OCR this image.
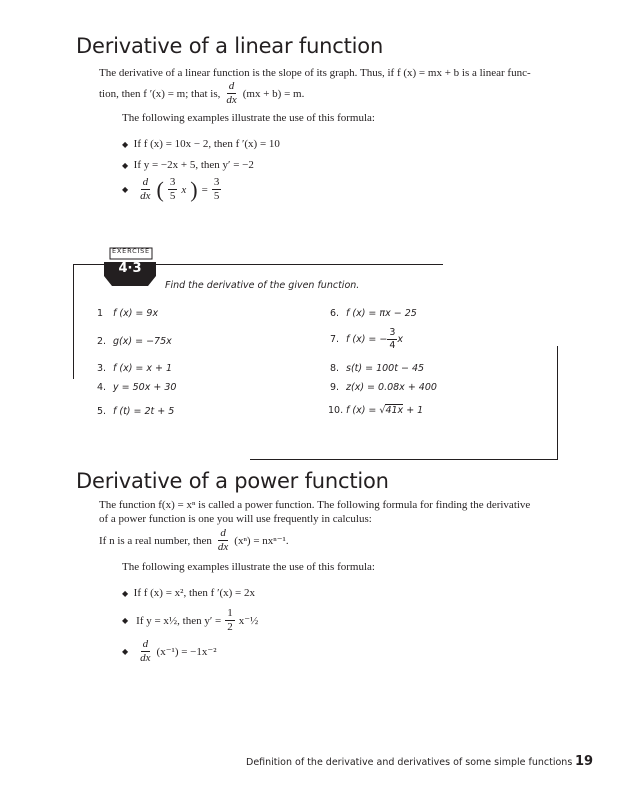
Derivative of a linear function
The derivative of a linear function is the slope of its graph. Thus, if f (x) = mx + b is a linear func-
tion, then f ′(x) = m; that is, $\frac{d}{dx} (mx + b) = m$.
The following examples illustrate the use of this formula:
◆ If f (x) = 10x − 2, then f ′(x) = 10
◆ If y = −2x + 5, then y′ = −2
◆ $\frac{d}{dx}$ ( $\frac{3}{5}$ x ) = $\frac{3}{5}$
EXERCISE
4·3
Find the derivative of the given function.
1 f (x) = 9x
2. g(x) = −75x
3. f (x) = x + 1
4. y = 50x + 30
5. f (t) = 2t + 5
6. f (x) = πx − 25
7. f (x) = − $\frac{3}{4}$ x
8. s(t) = 100t − 45
9. z(x) = 0.08x + 400
10. f (x) = √41x + 1
Derivative of a power function
The function f(x) = xⁿ is called a power function. The following formula for finding the derivative
of a power function is one you will use frequently in calculus:
If n is a real number, then $\frac{d}{dx} (x^n) = nx^{n-1}$.
The following examples illustrate the use of this formula:
◆ If f (x) = x², then f ′(x) = 2x
◆ If y = x½, then $y' = \frac{1}{2}$ x⁻½
◆ $\frac{d}{dx} (x^{-1}) = -1x^{-2}$
Definition of the derivative and derivatives of some simple functions 19
